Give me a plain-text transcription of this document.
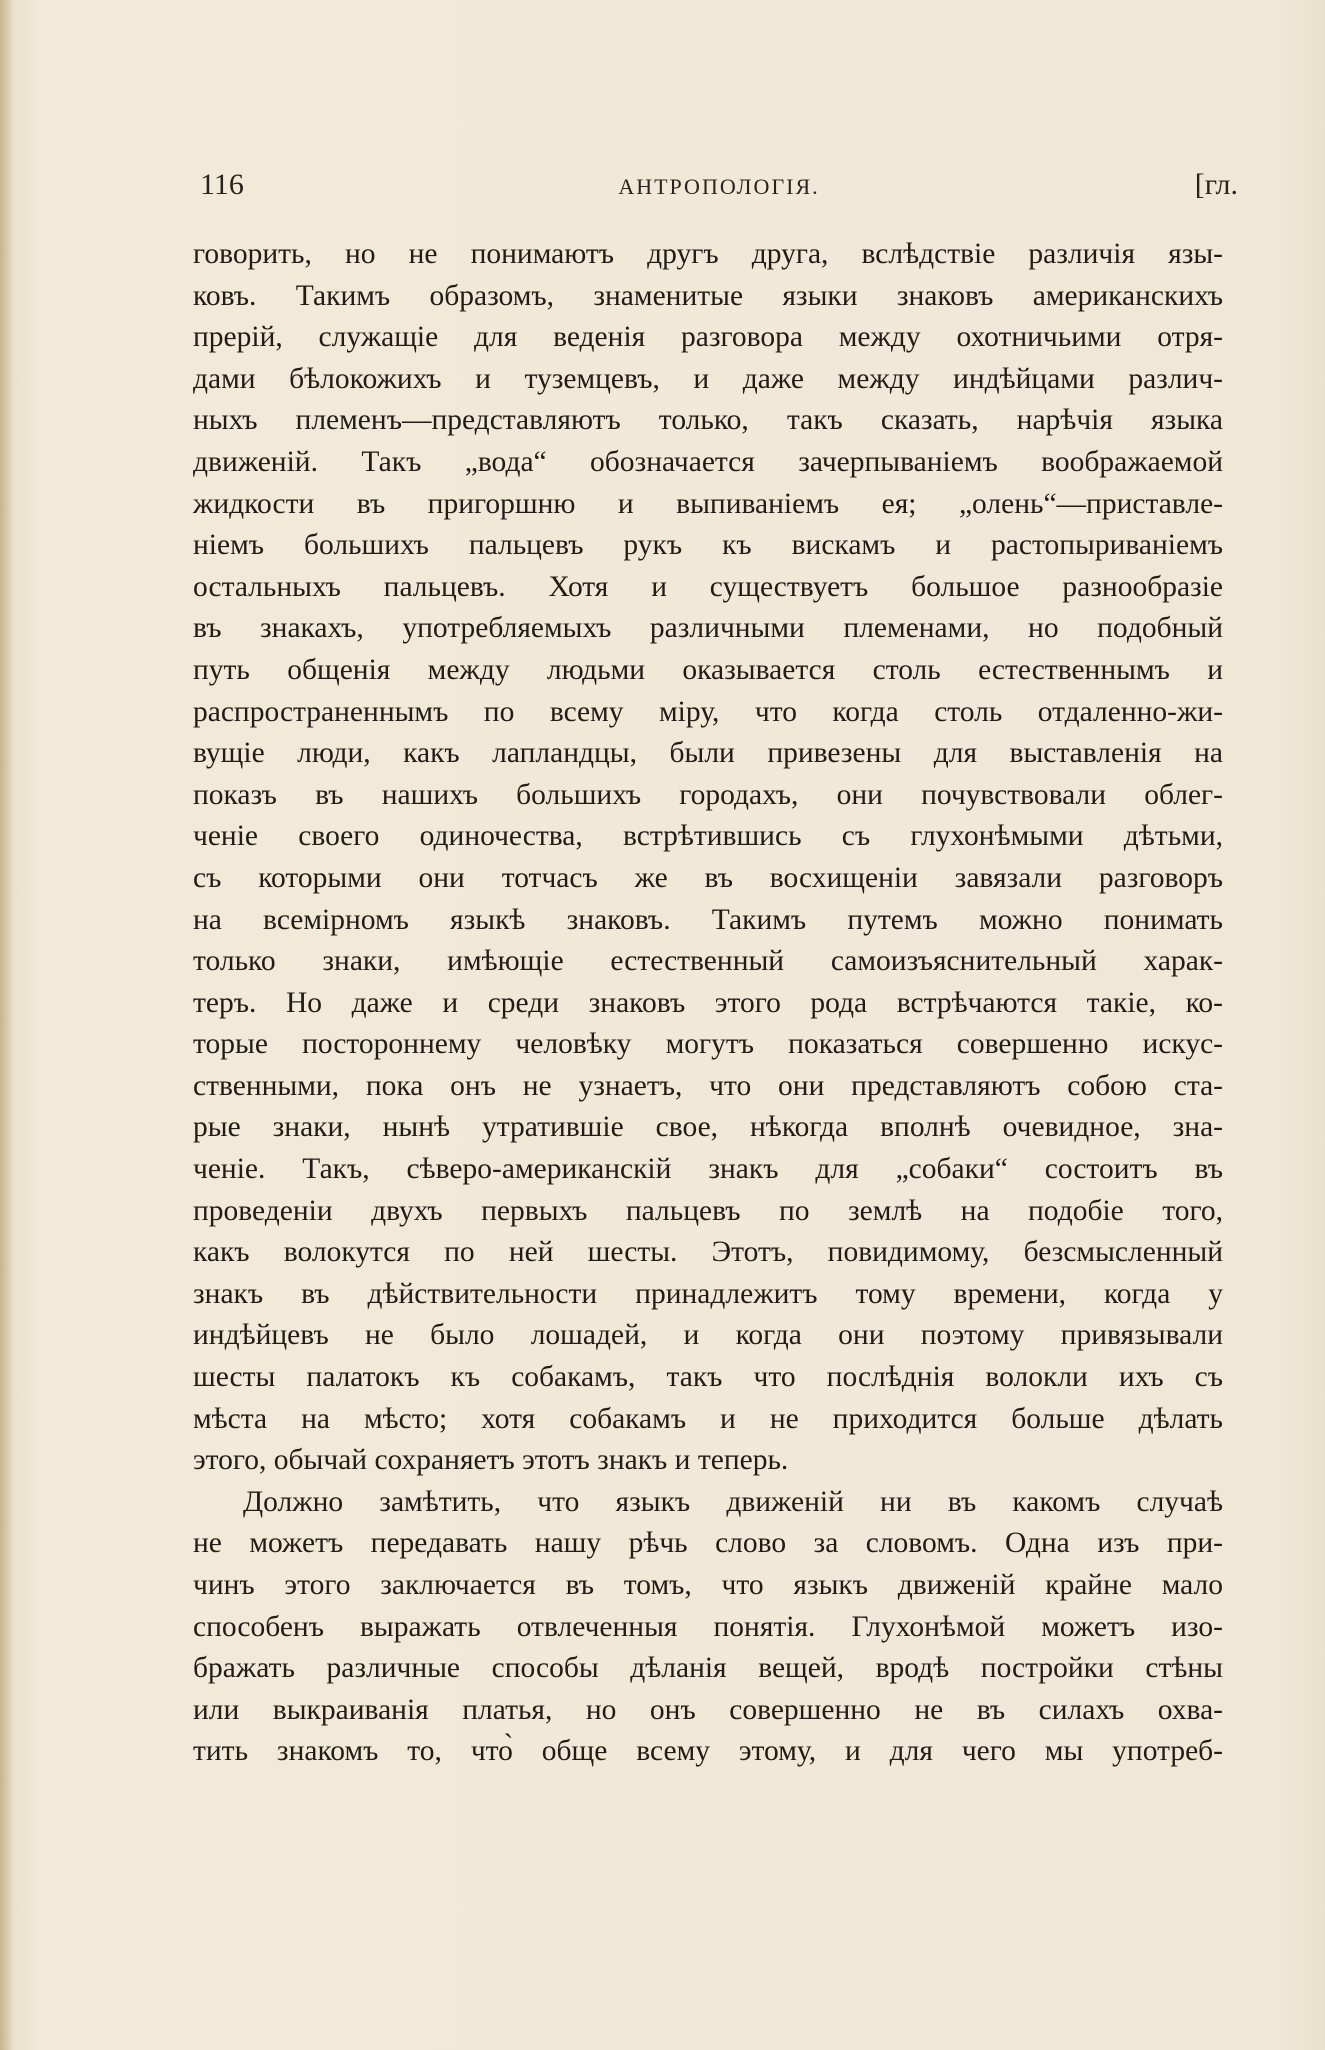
116	АНТРОПОЛОГІЯ.	[гл.
говорить, но не понимаютъ другъ друга, вслѣдствіе различія язы-
ковъ. Такимъ образомъ, знаменитые языки знаковъ американскихъ
прерій, служащіе для веденія разговора между охотничьими отря-
дами бѣлокожихъ и туземцевъ, и даже между индѣйцами различ-
ныхъ племенъ—представляютъ только, такъ сказать, нарѣчія языка
движеній. Такъ „вода“ обозначается зачерпываніемъ воображаемой
жидкости въ пригоршню и выпиваніемъ ея; „олень“—приставле-
ніемъ большихъ пальцевъ рукъ къ вискамъ и растопыриваніемъ
остальныхъ пальцевъ. Хотя и существуетъ большое разнообразіе
въ знакахъ, употребляемыхъ различными племенами, но подобный
путь общенія между людьми оказывается столь естественнымъ и
распространеннымъ по всему міру, что когда столь отдаленно-жи-
вущіе люди, какъ лапландцы, были привезены для выставленія на
показъ въ нашихъ большихъ городахъ, они почувствовали облег-
ченіе своего одиночества, встрѣтившись съ глухонѣмыми дѣтьми,
съ которыми они тотчасъ же въ восхищеніи завязали разговоръ
на всемірномъ языкѣ знаковъ. Такимъ путемъ можно понимать
только знаки, имѣющіе естественный самоизъяснительный харак-
теръ. Но даже и среди знаковъ этого рода встрѣчаются такіе, ко-
торые постороннему человѣку могутъ показаться совершенно искус-
ственными, пока онъ не узнаетъ, что они представляютъ собою ста-
рые знаки, нынѣ утратившіе свое, нѣкогда вполнѣ очевидное, зна-
ченіе. Такъ, сѣверо-американскій знакъ для „собаки“ состоитъ въ
проведеніи двухъ первыхъ пальцевъ по землѣ на подобіе того,
какъ волокутся по ней шесты. Этотъ, повидимому, безсмысленный
знакъ въ дѣйствительности принадлежитъ тому времени, когда у
индѣйцевъ не было лошадей, и когда они поэтому привязывали
шесты палатокъ къ собакамъ, такъ что послѣднія волокли ихъ съ
мѣста на мѣсто; хотя собакамъ и не приходится больше дѣлать
этого, обычай сохраняетъ этотъ знакъ и теперь.
Должно замѣтить, что языкъ движеній ни въ какомъ случаѣ
не можетъ передавать нашу рѣчь слово за словомъ. Одна изъ при-
чинъ этого заключается въ томъ, что языкъ движеній крайне мало
способенъ выражать отвлеченныя понятія. Глухонѣмой можетъ изо-
бражать различные способы дѣланія вещей, вродѣ постройки стѣны
или выкраиванія платья, но онъ совершенно не въ силахъ охва-
тить знакомъ то, что̀ обще всему этому, и для чего мы употреб-
